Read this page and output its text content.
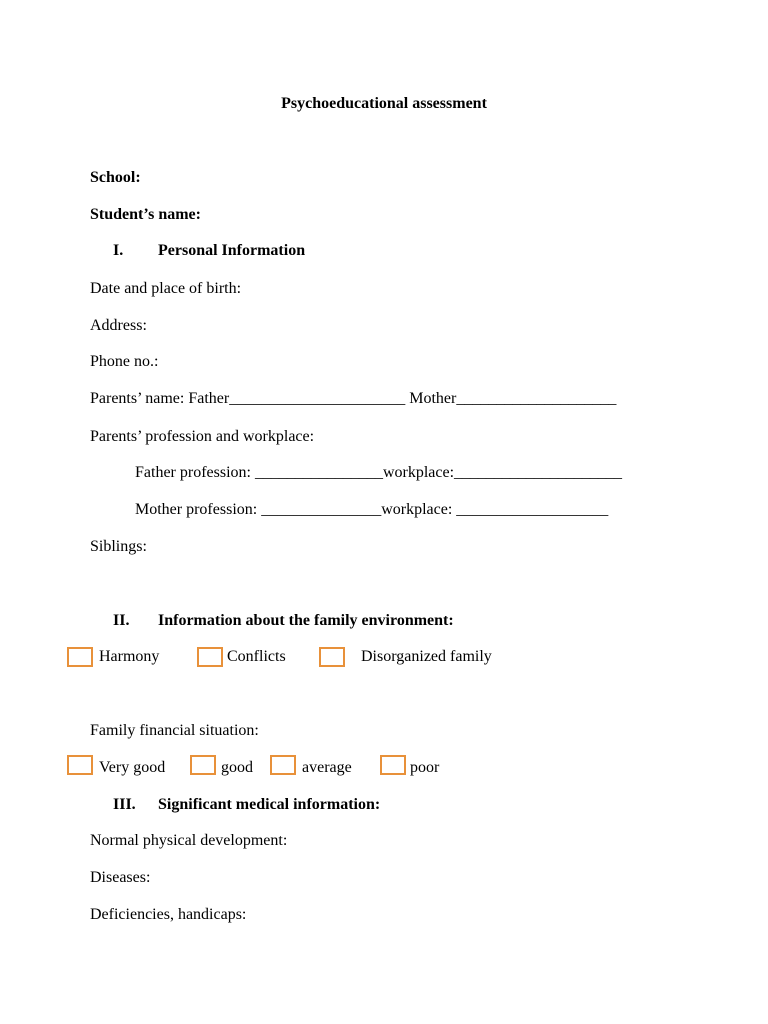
Psychoeducational assessment
School:
Student’s name:
I. Personal Information
Date and place of birth:
Address:
Phone no.:
Parents’ name: Father______________________ Mother____________________
Parents’ profession and workplace:
Father profession: ________________workplace:_____________________
Mother profession: _______________workplace: ___________________
Siblings:
II. Information about the family environment:
Harmony	Conflicts	Disorganized family
Family financial situation:
Very good	good	average	poor
III. Significant medical information:
Normal physical development:
Diseases:
Deficiencies, handicaps:
